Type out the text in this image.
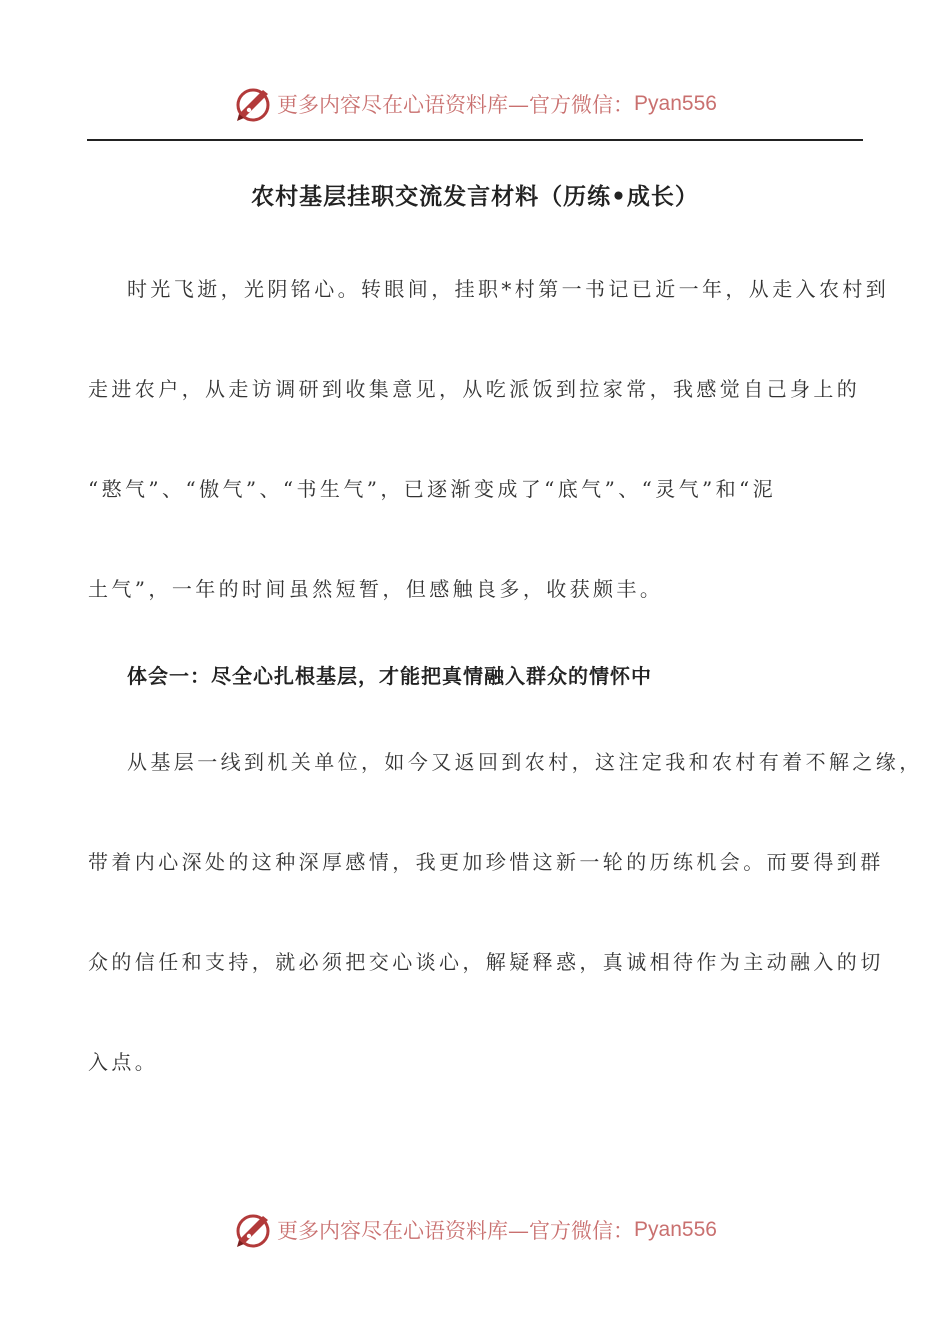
更多内容尽在心语资料库—官方微信： Pyan556
农村基层挂职交流发言材料（历练•成长）
时光飞逝，光阴铭心。转眼间，挂职*村第一书记已近一年，从走入农村到
走进农户，从走访调研到收集意见，从吃派饭到拉家常，我感觉自己身上的
“憨气”、“傲气”、“书生气”，已逐渐变成了“底气”、“灵气”和“泥
土气”，一年的时间虽然短暂，但感触良多，收获颇丰。
体会一：尽全心扎根基层，才能把真情融入群众的情怀中
从基层一线到机关单位，如今又返回到农村，这注定我和农村有着不解之缘，
带着内心深处的这种深厚感情，我更加珍惜这新一轮的历练机会。而要得到群
众的信任和支持，就必须把交心谈心，解疑释惑，真诚相待作为主动融入的切
入点。
更多内容尽在心语资料库—官方微信： Pyan556
